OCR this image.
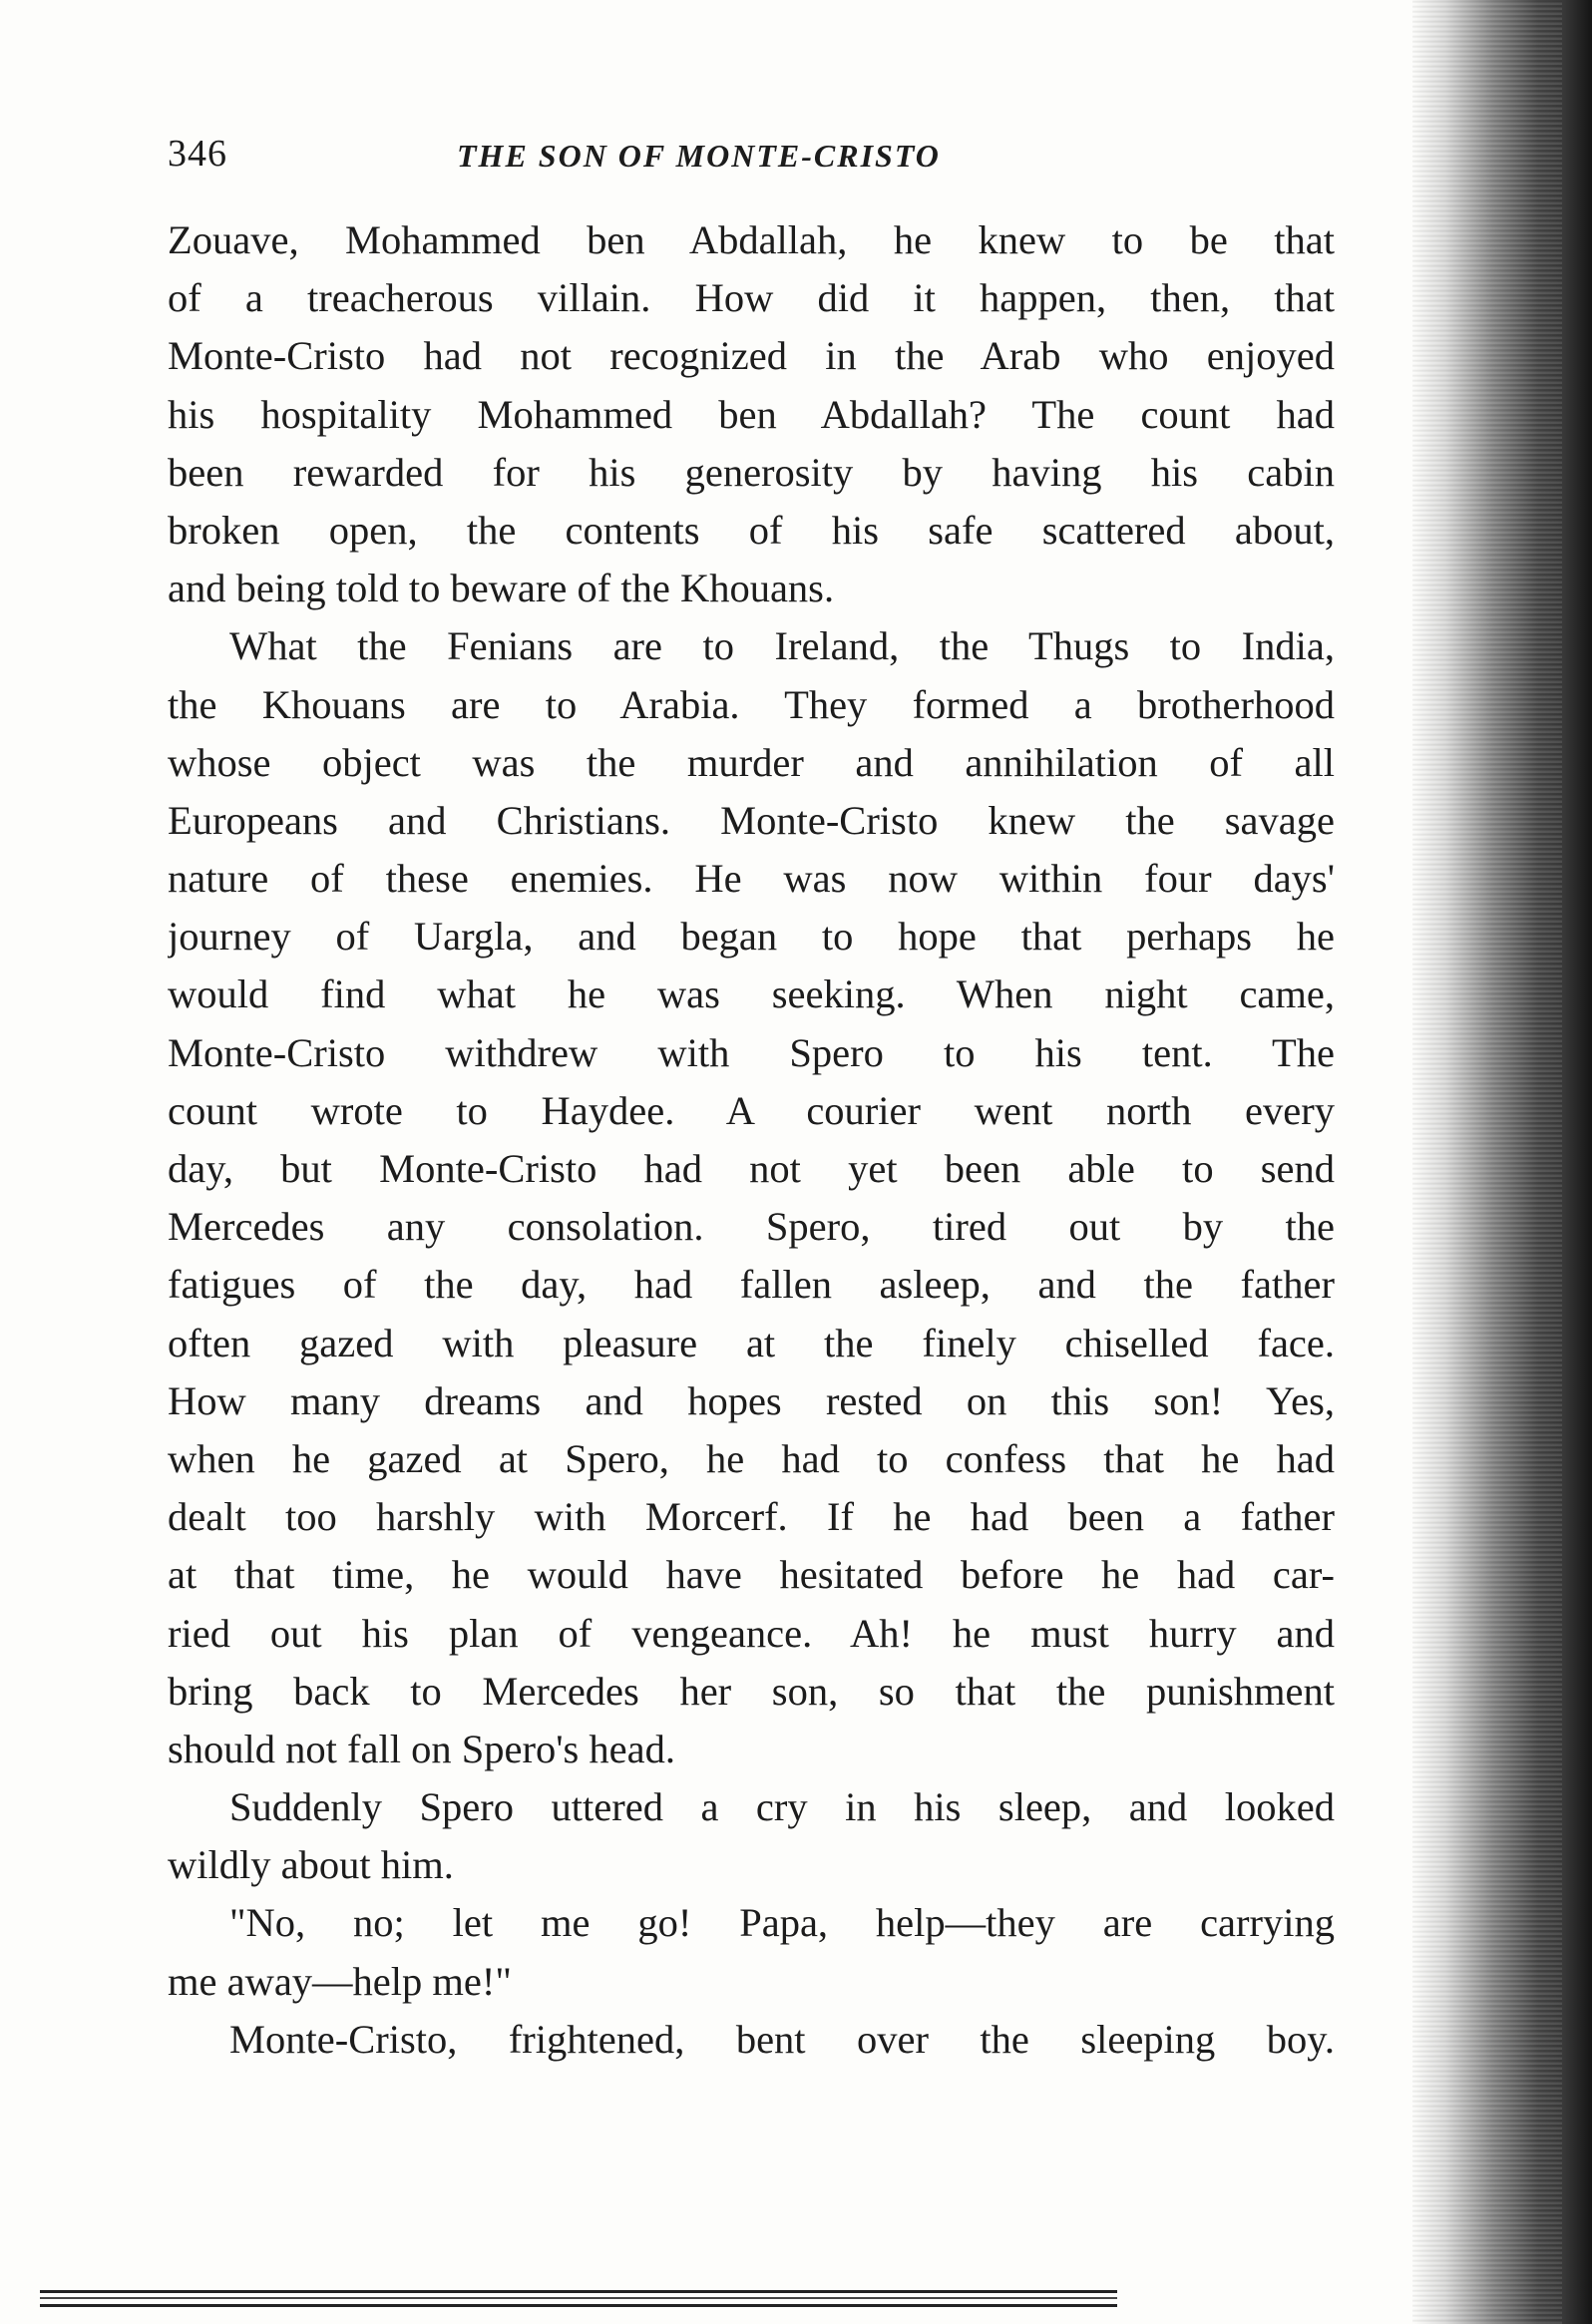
346	THE SON OF MONTE-CRISTO
Zouave, Mohammed ben Abdallah, he knew to be that
of a treacherous villain. How did it happen, then, that
Monte-Cristo had not recognized in the Arab who enjoyed
his hospitality Mohammed ben Abdallah? The count had
been rewarded for his generosity by having his cabin
broken open, the contents of his safe scattered about,
and being told to beware of the Khouans.
What the Fenians are to Ireland, the Thugs to India,
the Khouans are to Arabia. They formed a brotherhood
whose object was the murder and annihilation of all
Europeans and Christians. Monte-Cristo knew the savage
nature of these enemies. He was now within four days'
journey of Uargla, and began to hope that perhaps he
would find what he was seeking. When night came,
Monte-Cristo withdrew with Spero to his tent. The
count wrote to Haydee. A courier went north every
day, but Monte-Cristo had not yet been able to send
Mercedes any consolation. Spero, tired out by the
fatigues of the day, had fallen asleep, and the father
often gazed with pleasure at the finely chiselled face.
How many dreams and hopes rested on this son! Yes,
when he gazed at Spero, he had to confess that he had
dealt too harshly with Morcerf. If he had been a father
at that time, he would have hesitated before he had car-
ried out his plan of vengeance. Ah! he must hurry and
bring back to Mercedes her son, so that the punishment
should not fall on Spero's head.
Suddenly Spero uttered a cry in his sleep, and looked
wildly about him.
"No, no; let me go! Papa, help—they are carrying
me away—help me!"
Monte-Cristo, frightened, bent over the sleeping boy.
